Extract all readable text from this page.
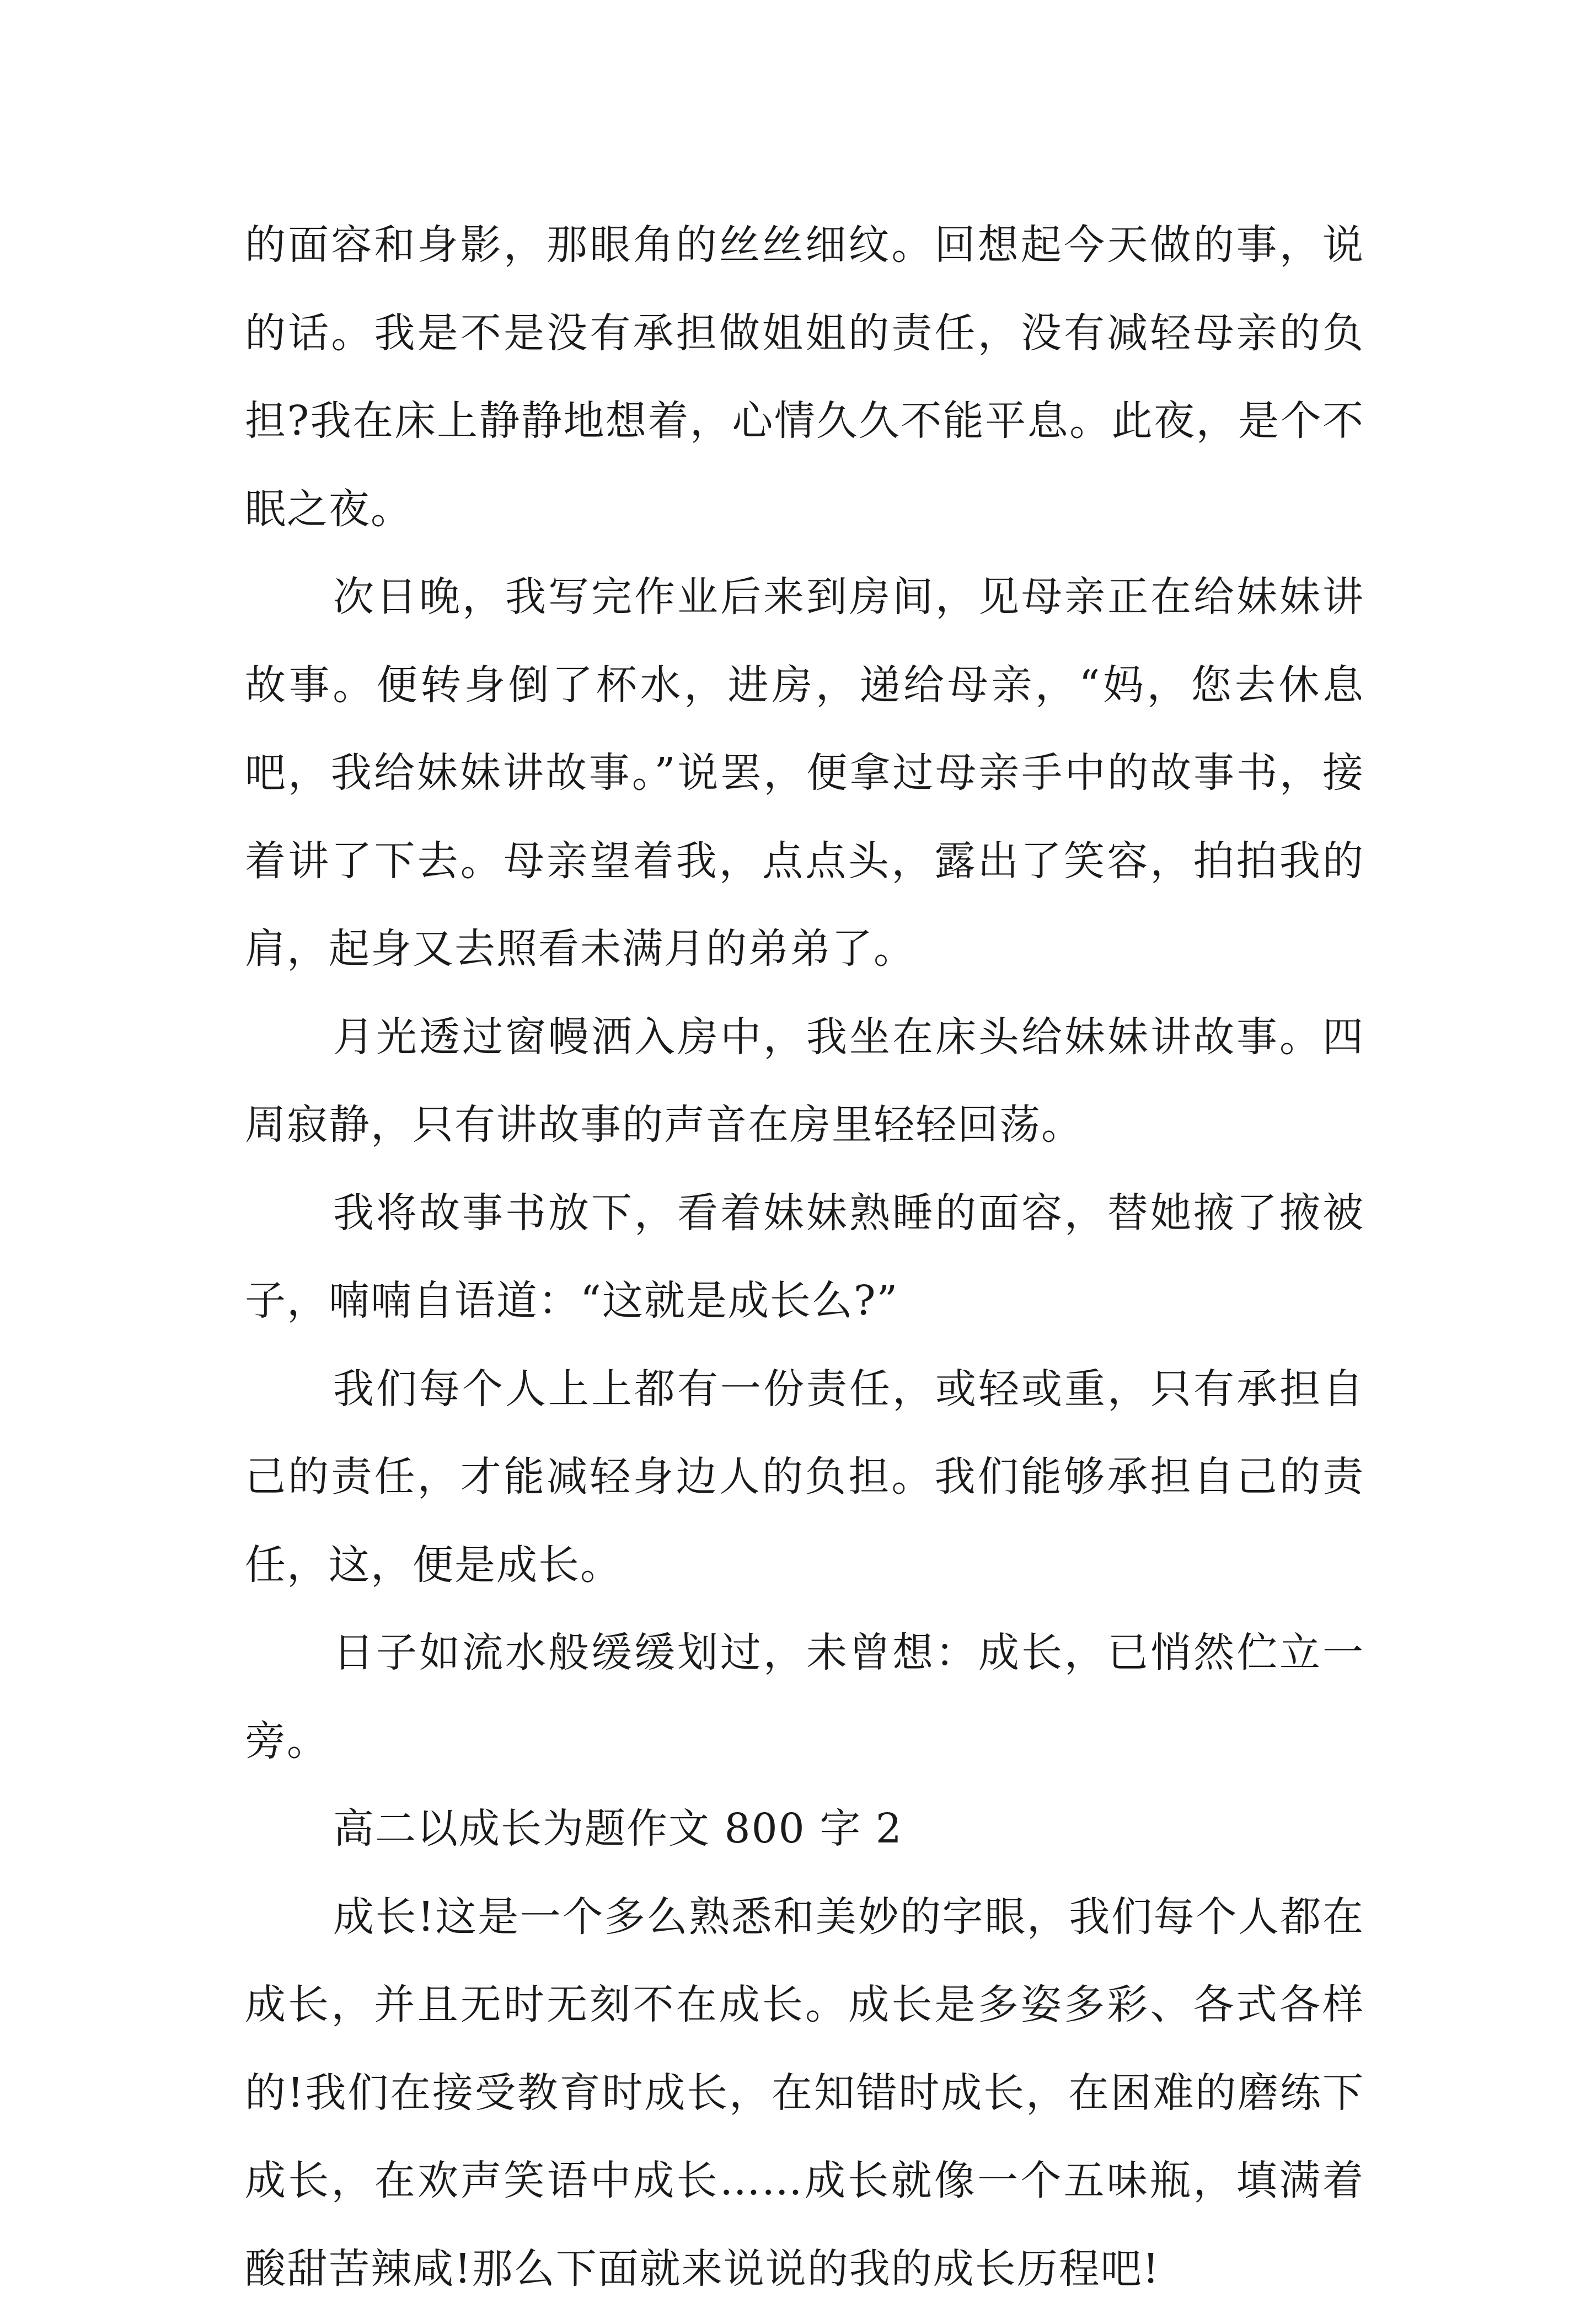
的面容和身影，那眼角的丝丝细纹。回想起今天做的事，说的话。我是不是没有承担做姐姐的责任，没有减轻母亲的负担?我在床上静静地想着，心情久久不能平息。此夜，是个不眠之夜。

次日晚，我写完作业后来到房间，见母亲正在给妹妹讲故事。便转身倒了杯水，进房，递给母亲，“妈，您去休息吧，我给妹妹讲故事。”说罢，便拿过母亲手中的故事书，接着讲了下去。母亲望着我，点点头，露出了笑容，拍拍我的肩，起身又去照看未满月的弟弟了。

月光透过窗幔洒入房中，我坐在床头给妹妹讲故事。四周寂静，只有讲故事的声音在房里轻轻回荡。

我将故事书放下，看着妹妹熟睡的面容，替她掖了掖被子，喃喃自语道：“这就是成长么?”

我们每个人上上都有一份责任，或轻或重，只有承担自己的责任，才能减轻身边人的负担。我们能够承担自己的责任，这，便是成长。

日子如流水般缓缓划过，未曾想：成长，已悄然伫立一旁。

高二以成长为题作文 800 字 2

成长!这是一个多么熟悉和美妙的字眼，我们每个人都在成长，并且无时无刻不在成长。成长是多姿多彩、各式各样的!我们在接受教育时成长，在知错时成长，在困难的磨练下成长，在欢声笑语中成长……成长就像一个五味瓶，填满着酸甜苦辣咸!那么下面就来说说的我的成长历程吧!
